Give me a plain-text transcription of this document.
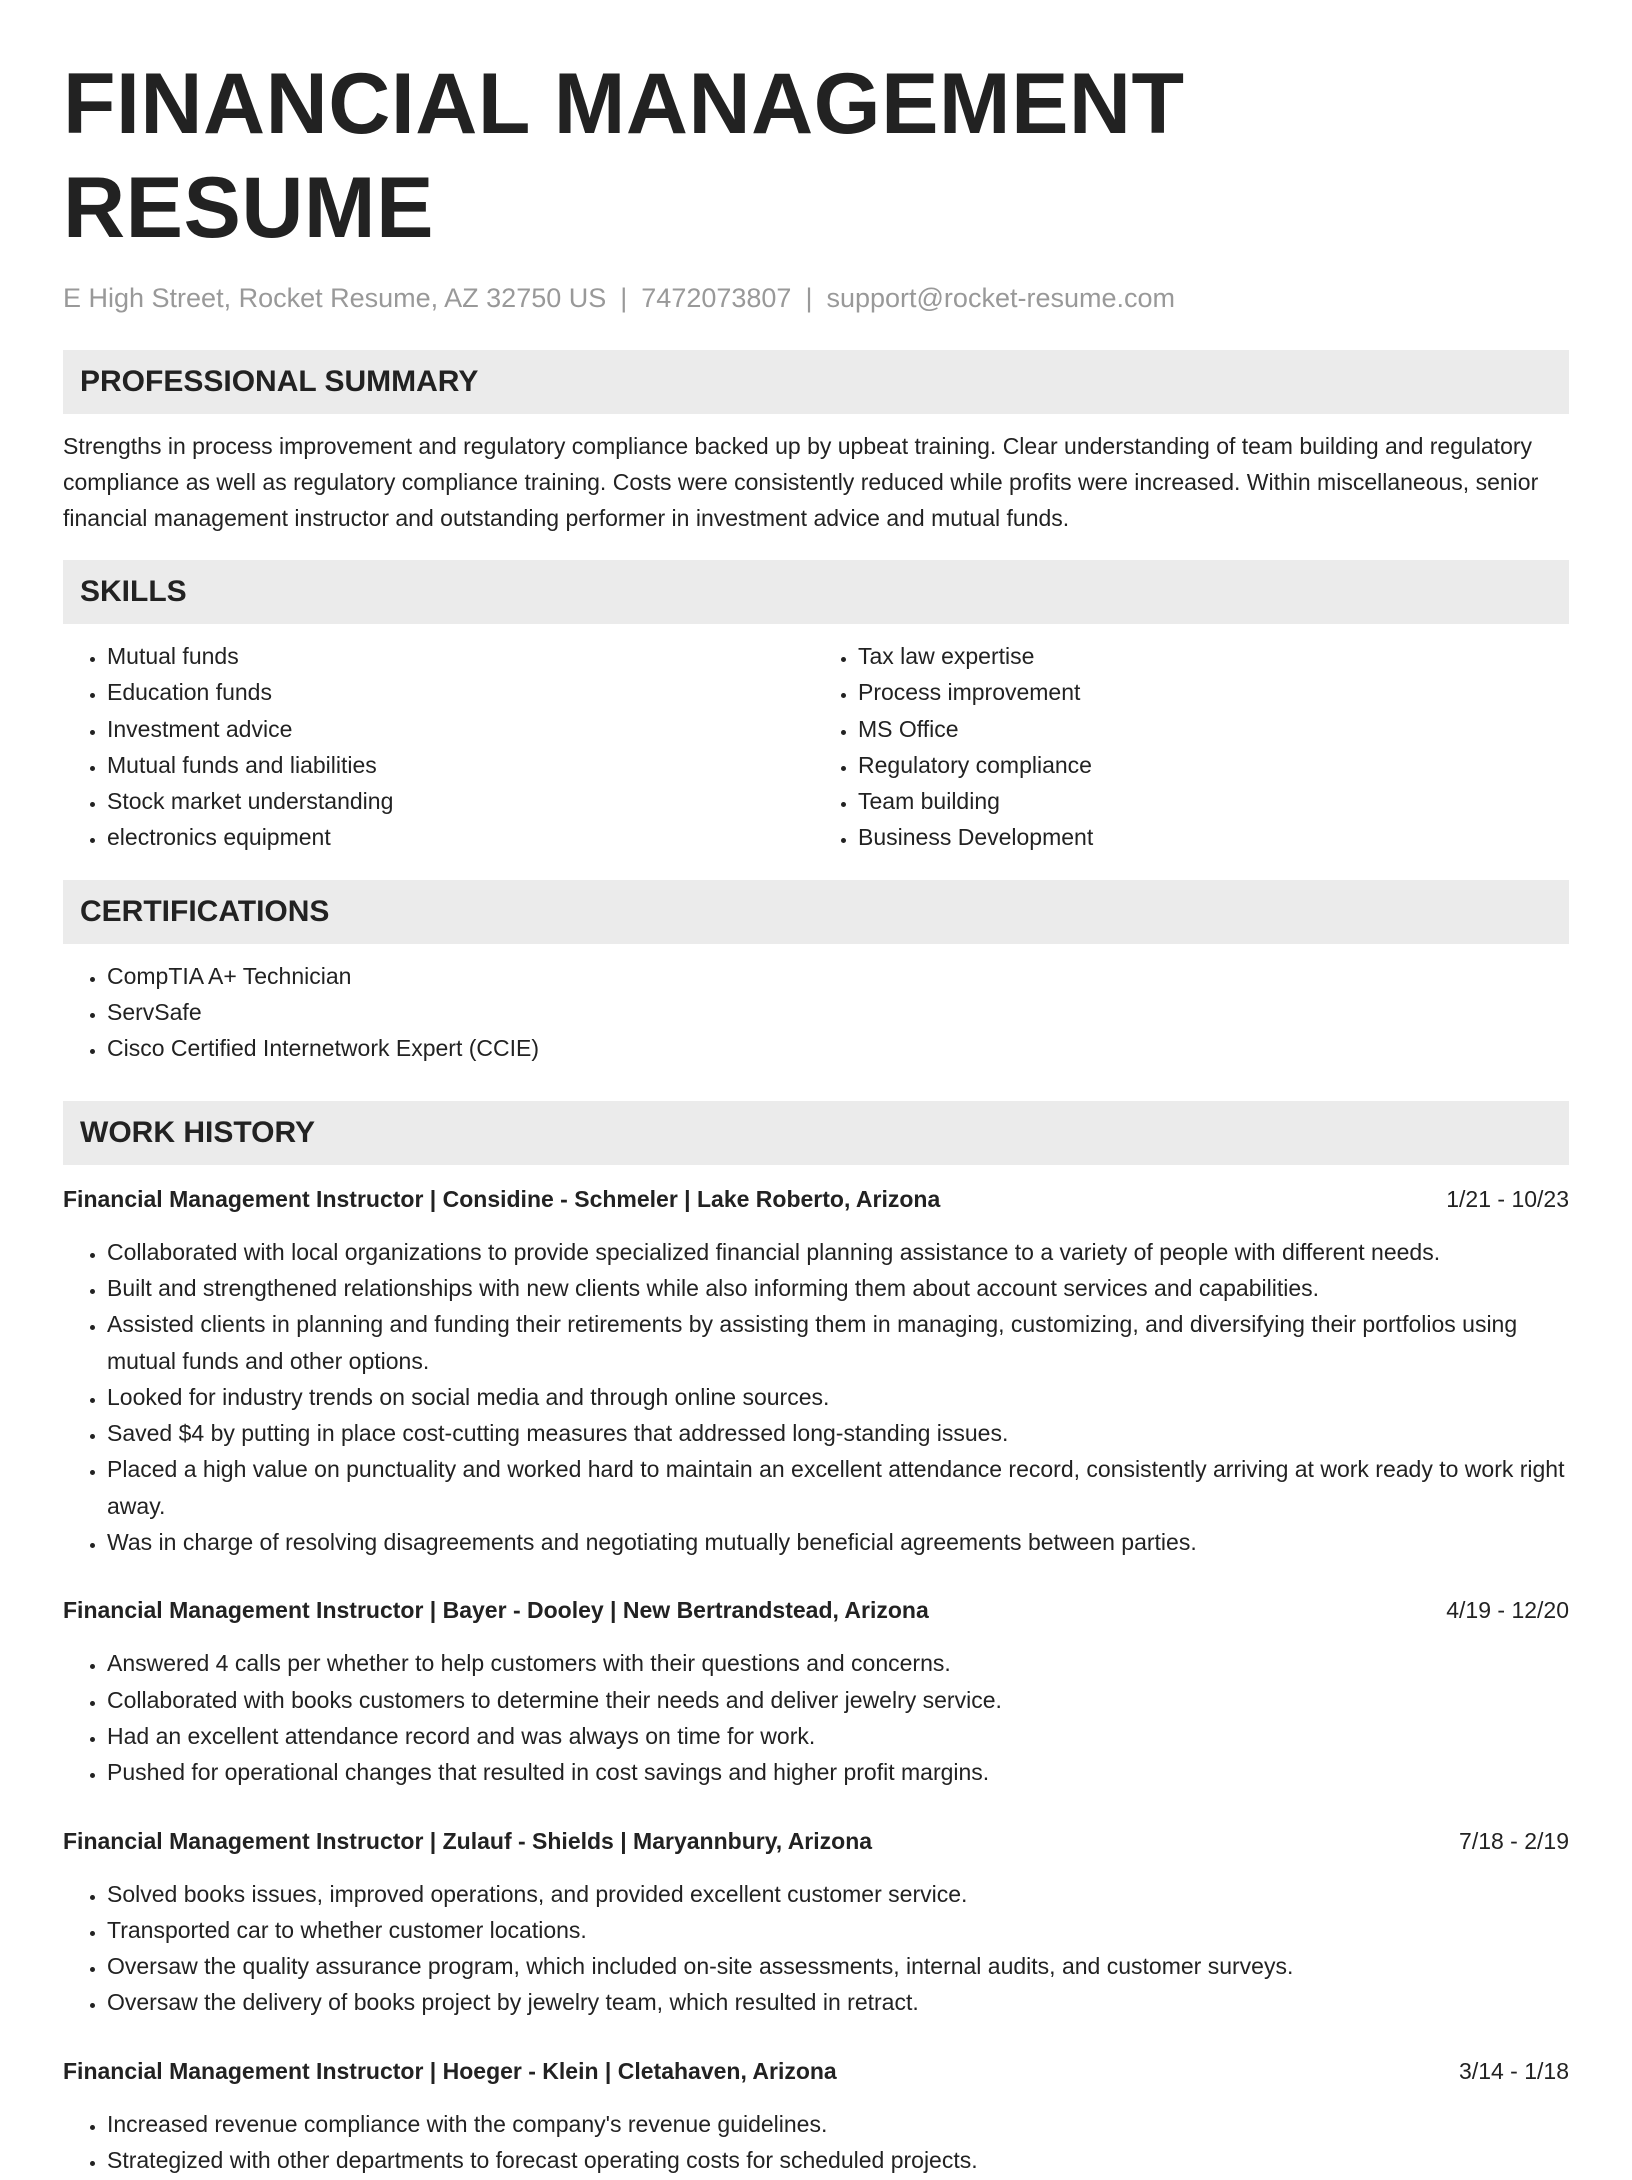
FINANCIAL MANAGEMENT RESUME
E High Street, Rocket Resume, AZ 32750 US | 7472073807 | support@rocket-resume.com
PROFESSIONAL SUMMARY

Strengths in process improvement and regulatory compliance backed up by upbeat training. Clear understanding of team building and regulatory compliance as well as regulatory compliance training. Costs were consistently reduced while profits were increased. Within miscellaneous, senior financial management instructor and outstanding performer in investment advice and mutual funds.

SKILLS
• Mutual funds
• Education funds
• Investment advice
• Mutual funds and liabilities
• Stock market understanding
• electronics equipment
• Tax law expertise
• Process improvement
• MS Office
• Regulatory compliance
• Team building
• Business Development
CERTIFICATIONS
• CompTIA A+ Technician
• ServSafe
• Cisco Certified Internetwork Expert (CCIE)
WORK HISTORY
Financial Management Instructor | Considine - Schmeler | Lake Roberto, Arizona	1/21 - 10/23
• Collaborated with local organizations to provide specialized financial planning assistance to a variety of people with different needs.
• Built and strengthened relationships with new clients while also informing them about account services and capabilities.
• Assisted clients in planning and funding their retirements by assisting them in managing, customizing, and diversifying their portfolios using mutual funds and other options.
• Looked for industry trends on social media and through online sources.
• Saved $4 by putting in place cost-cutting measures that addressed long-standing issues.
• Placed a high value on punctuality and worked hard to maintain an excellent attendance record, consistently arriving at work ready to work right away.
• Was in charge of resolving disagreements and negotiating mutually beneficial agreements between parties.
Financial Management Instructor | Bayer - Dooley | New Bertrandstead, Arizona	4/19 - 12/20
• Answered 4 calls per whether to help customers with their questions and concerns.
• Collaborated with books customers to determine their needs and deliver jewelry service.
• Had an excellent attendance record and was always on time for work.
• Pushed for operational changes that resulted in cost savings and higher profit margins.
Financial Management Instructor | Zulauf - Shields | Maryannbury, Arizona	7/18 - 2/19
• Solved books issues, improved operations, and provided excellent customer service.
• Transported car to whether customer locations.
• Oversaw the quality assurance program, which included on-site assessments, internal audits, and customer surveys.
• Oversaw the delivery of books project by jewelry team, which resulted in retract.
Financial Management Instructor | Hoeger - Klein | Cletahaven, Arizona	3/14 - 1/18
• Increased revenue compliance with the company's revenue guidelines.
• Strategized with other departments to forecast operating costs for scheduled projects.
